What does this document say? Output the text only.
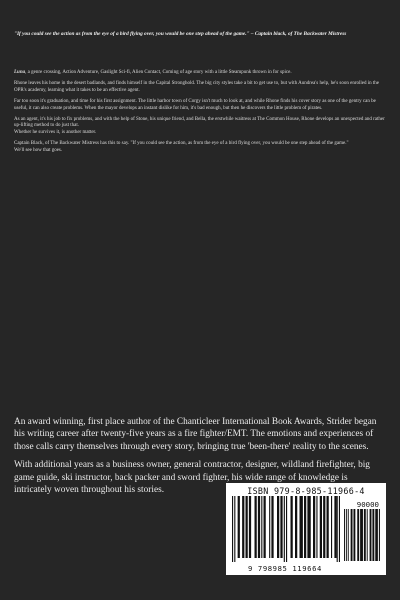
"If you could see the action as from the eye of a bird flying over, you would be one step ahead of the game." – Captain black, of The Backwater Mistress

Luna, a genre crossing, Action Adventure, Gaslight Sci-fi, Alien Contact, Coming of age story with a little Steampunk thrown in for spice.

Rhone leaves his home in the desert badlands, and finds himself in the Capital Stronghold. The big city styles take a bit to get use to, but with Aundrea's help, he's soon enrolled in the OPR's academy, learning what it takes to be an effective agent.

Far too soon it's graduation, and time for his first assignment. The little harbor town of Corgy isn't much to look at, and while Rhone finds his cover story as one of the gentry can be useful, it can also create problems. When the mayor develops an instant dislike for him, it's bad enough, but then he discovers the little problem of pirates.

As an agent, it's his job to fix problems, and with the help of Stone, his unique friend, and Bella, the erstwhile waitress at The Common House, Rhone develops an unexpected and rather up-lifting method to do just that.

Whether he survives it, is another matter.

Captain Black, of The Backwater Mistress has this to say. "If you could see the action, as from the eye of a bird flying over, you would be one step ahead of the game."

We'll see how that goes.

An award winning, first place author of the Chanticleer International Book Awards, Strider began his writing career after twenty-five years as a fire fighter/EMT. The emotions and experiences of those calls carry themselves through every story, bringing true 'been-there' reality to the scenes.

With additional years as a business owner, general contractor, designer, wildland firefighter, big game guide, ski instructor, back packer and sword fighter, his wide range of knowledge is intricately woven throughout his stories.	ISBN 979-8-985-11966-4
90000
9 798985 119664
